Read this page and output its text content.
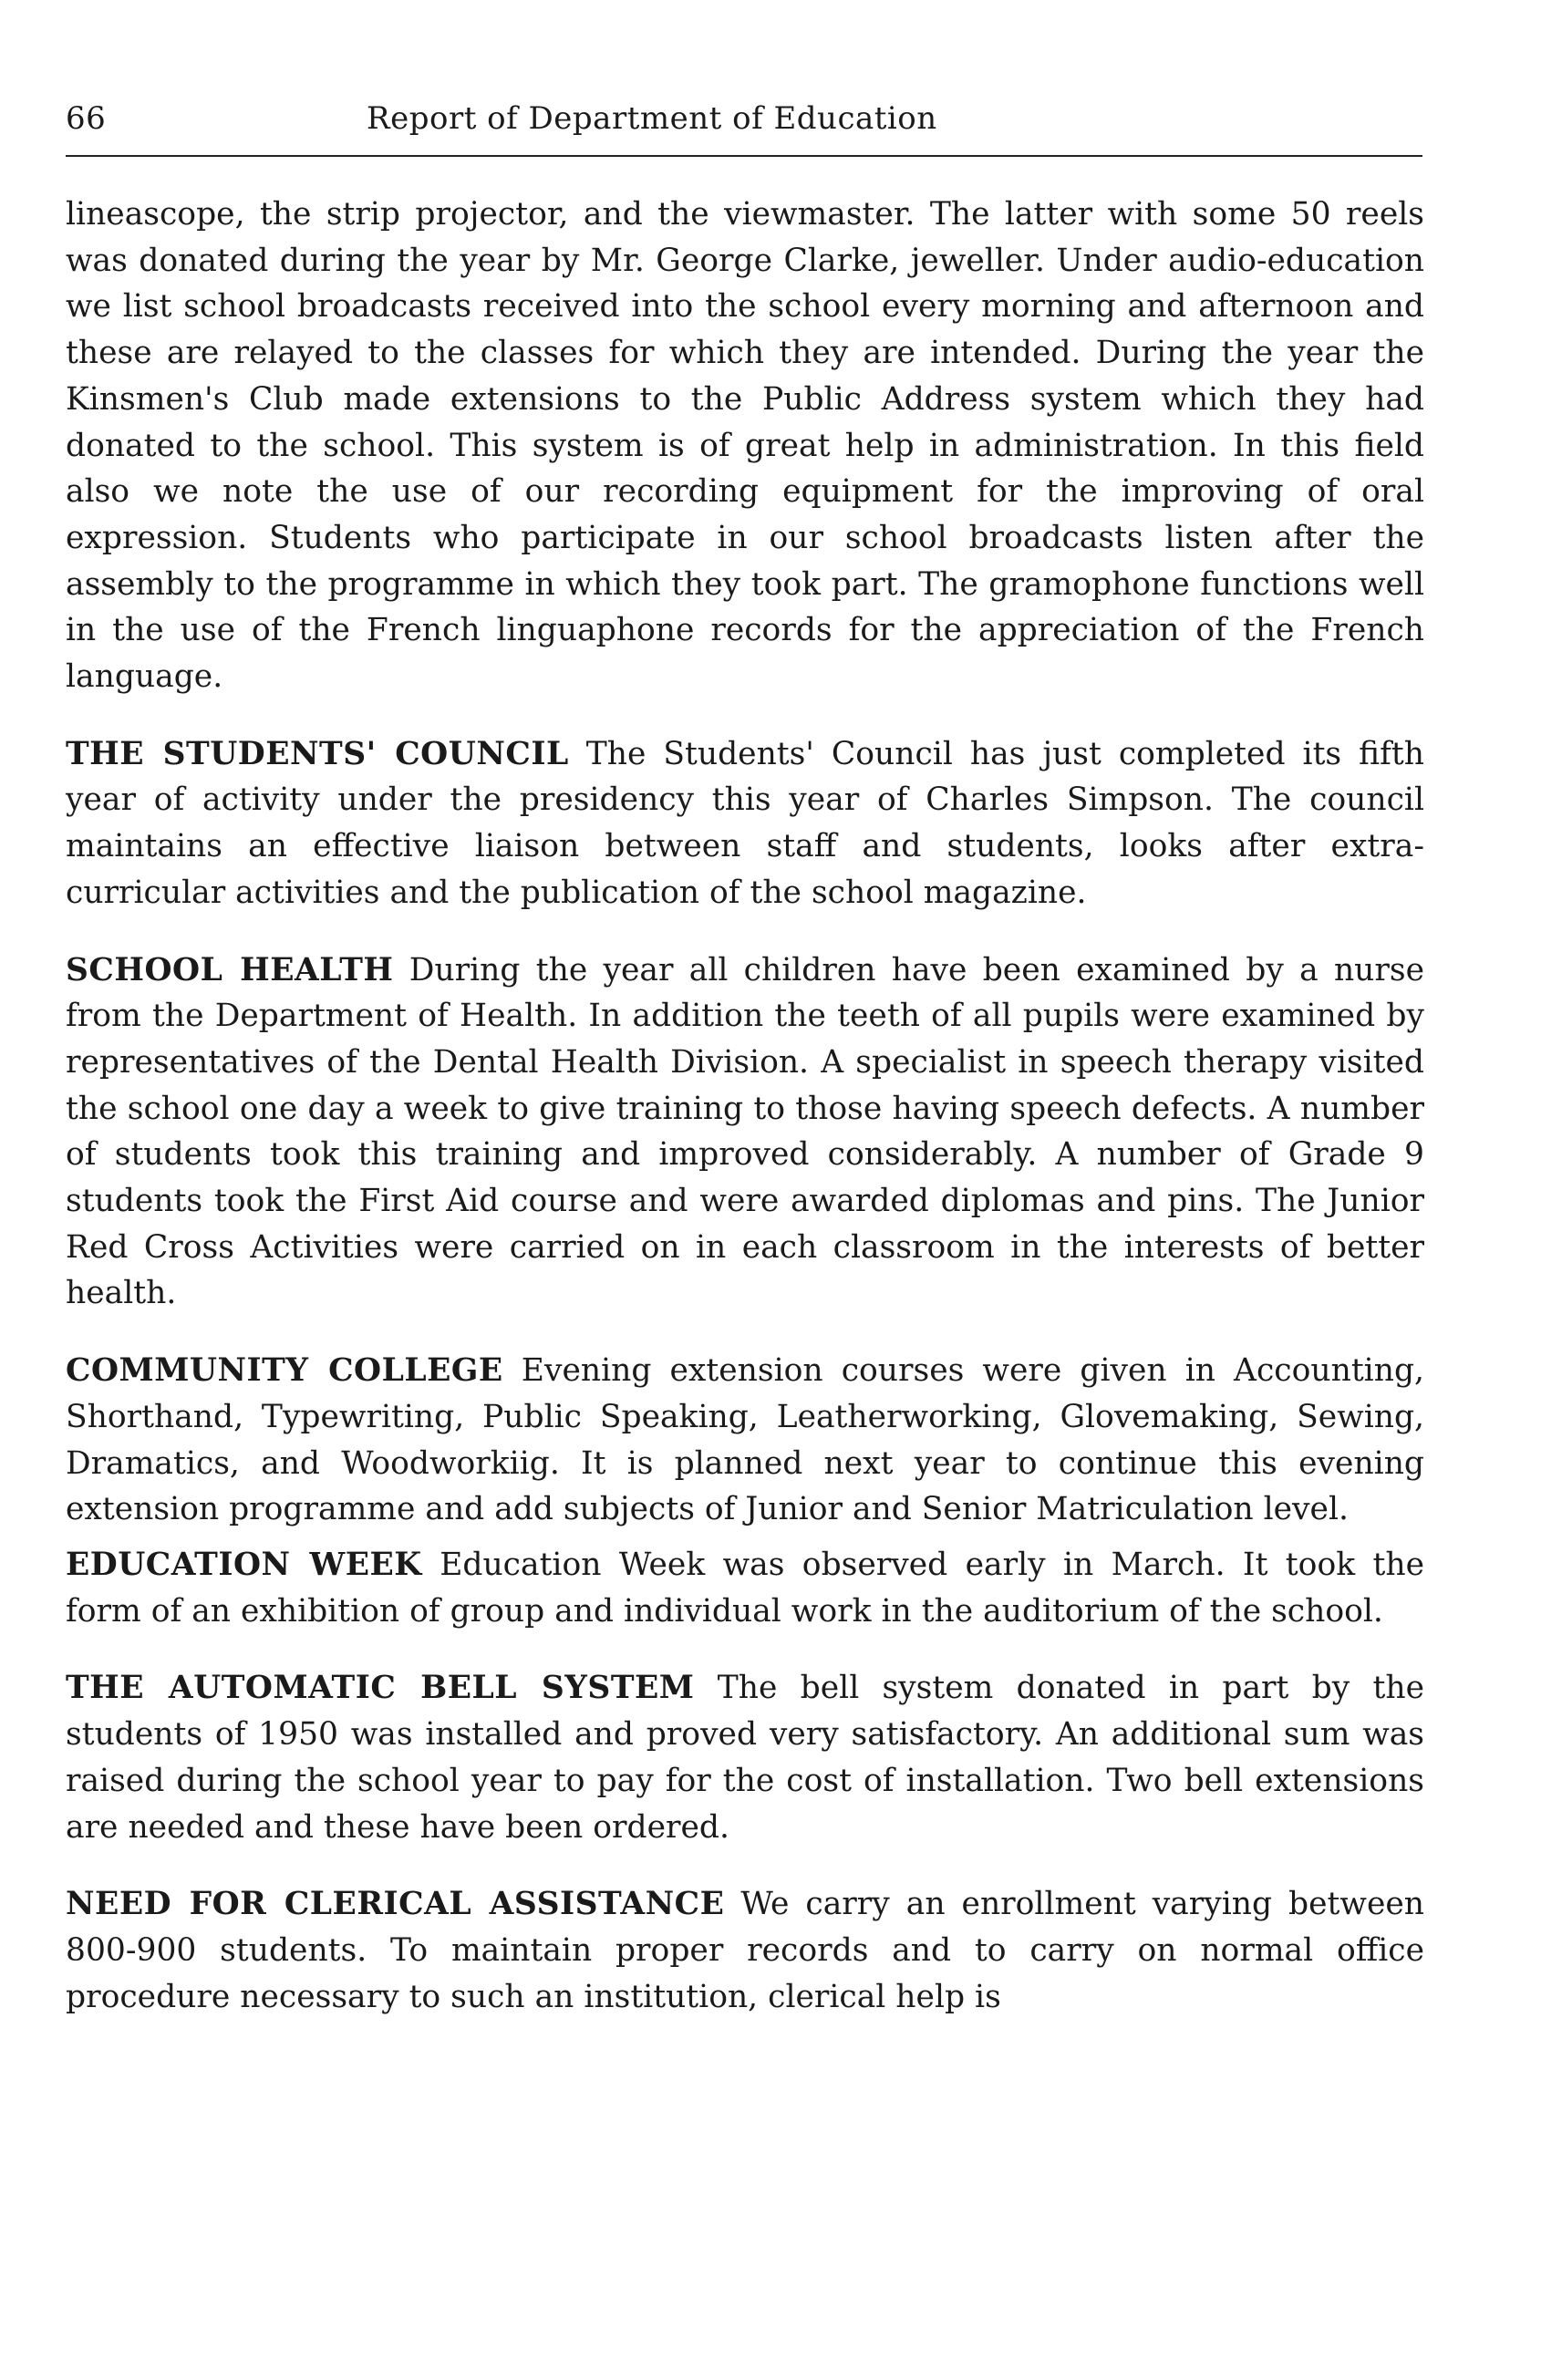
66	Report of Department of Education

lineascope, the strip projector, and the viewmaster. The latter with some 50 reels was donated during the year by Mr. George Clarke, jeweller. Under audio-education we list school broadcasts received into the school every morning and afternoon and these are relayed to the classes for which they are intended. During the year the Kinsmen's Club made extensions to the Public Address system which they had donated to the school. This system is of great help in administration. In this field also we note the use of our recording equipment for the improving of oral expression. Students who participate in our school broadcasts listen after the assembly to the programme in which they took part. The gramophone functions well in the use of the French linguaphone records for the appreciation of the French language.

THE STUDENTS' COUNCIL The Students' Council has just completed its fifth year of activity under the presidency this year of Charles Simpson. The council maintains an effective liaison between staff and students, looks after extra-curricular activities and the publication of the school magazine.

SCHOOL HEALTH During the year all children have been examined by a nurse from the Department of Health. In addition the teeth of all pupils were examined by representatives of the Dental Health Division. A specialist in speech therapy visited the school one day a week to give training to those having speech defects. A number of students took this training and improved considerably. A number of Grade 9 students took the First Aid course and were awarded diplomas and pins. The Junior Red Cross Activities were carried on in each classroom in the interests of better health.

COMMUNITY COLLEGE Evening extension courses were given in Accounting, Shorthand, Typewriting, Public Speaking, Leatherworking, Glovemaking, Sewing, Dramatics, and Woodworkiig. It is planned next year to continue this evening extension programme and add subjects of Junior and Senior Matriculation level.

EDUCATION WEEK Education Week was observed early in March. It took the form of an exhibition of group and individual work in the auditorium of the school.

THE AUTOMATIC BELL SYSTEM The bell system donated in part by the students of 1950 was installed and proved very satisfactory. An additional sum was raised during the school year to pay for the cost of installation. Two bell extensions are needed and these have been ordered.

NEED FOR CLERICAL ASSISTANCE We carry an enrollment varying between 800-900 students. To maintain proper records and to carry on normal office procedure necessary to such an institution, clerical help is
